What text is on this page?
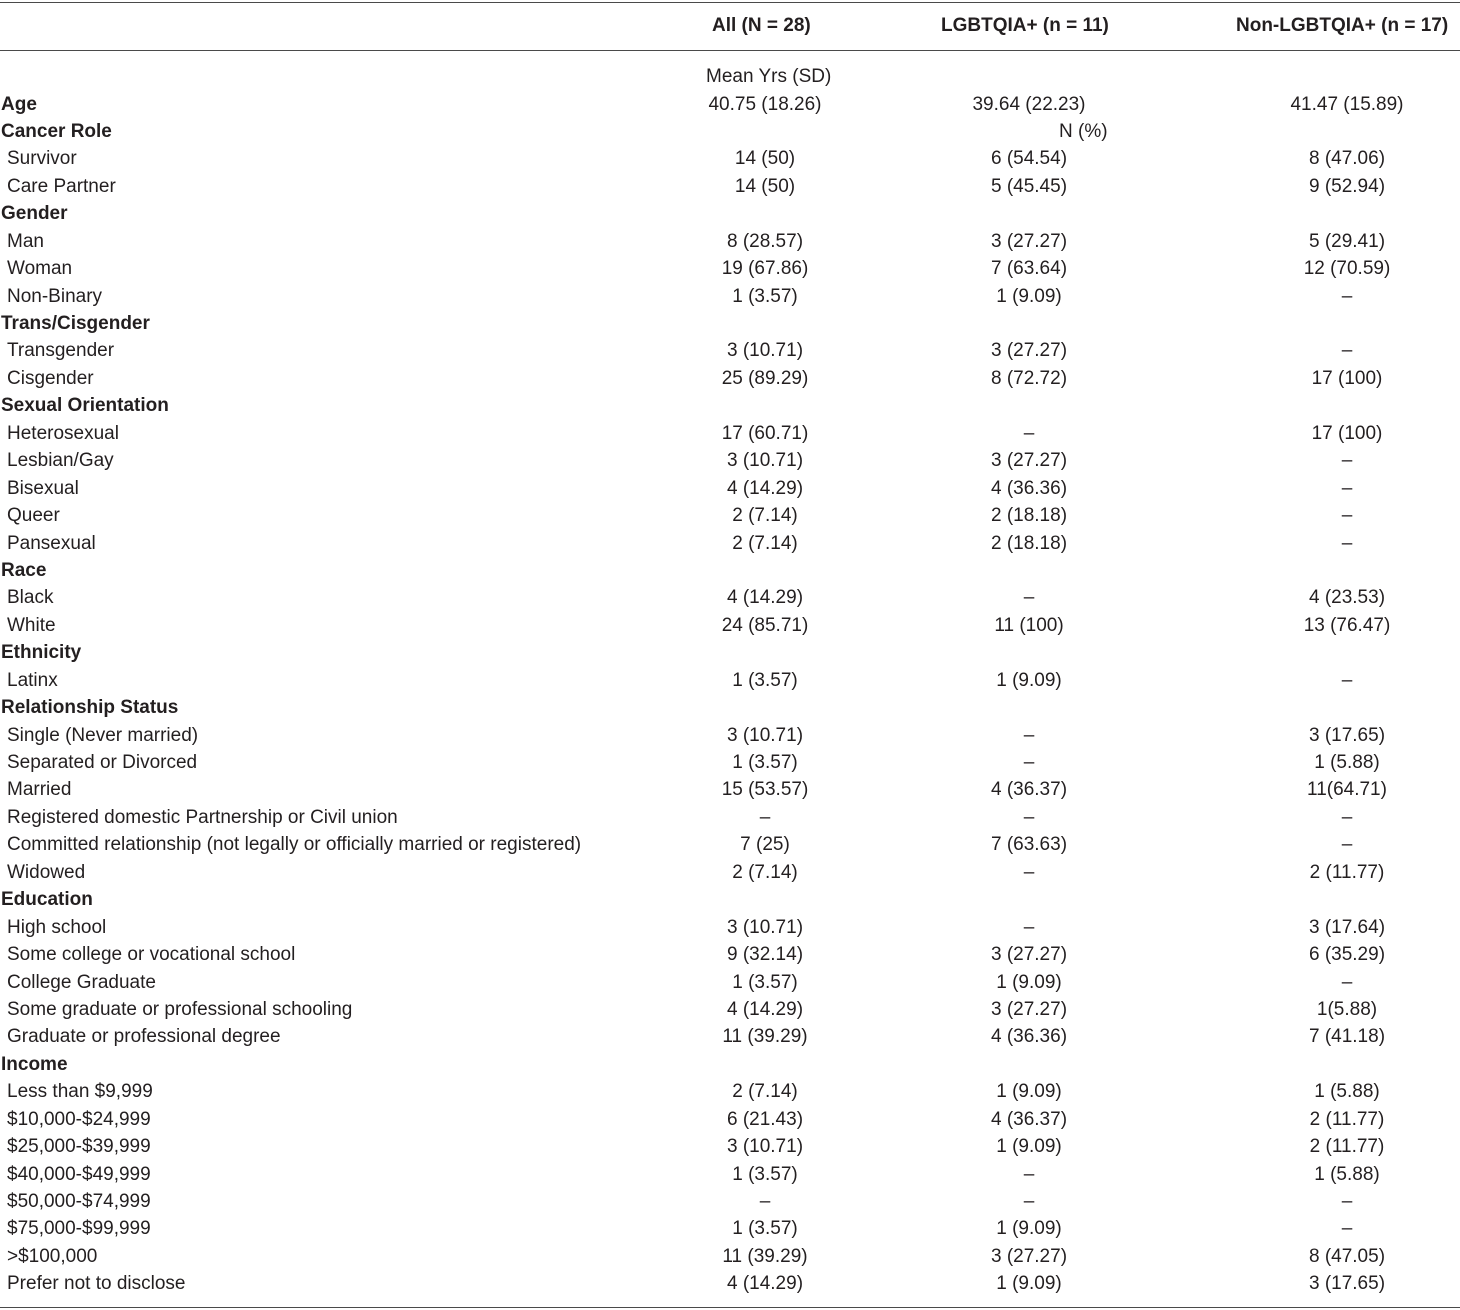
All (N = 28)	LGBTQIA+ (n = 11)	Non-LGBTQIA+ (n = 17)
Mean Yrs (SD)
N (%)
Age	40.75 (18.26)	39.64 (22.23)	41.47 (15.89)
Cancer Role
Survivor	14 (50)	6 (54.54)	8 (47.06)
Care Partner	14 (50)	5 (45.45)	9 (52.94)
Gender
Man	8 (28.57)	3 (27.27)	5 (29.41)
Woman	19 (67.86)	7 (63.64)	12 (70.59)
Non-Binary	1 (3.57)	1 (9.09)	–
Trans/Cisgender
Transgender	3 (10.71)	3 (27.27)	–
Cisgender	25 (89.29)	8 (72.72)	17 (100)
Sexual Orientation
Heterosexual	17 (60.71)	–	17 (100)
Lesbian/Gay	3 (10.71)	3 (27.27)	–
Bisexual	4 (14.29)	4 (36.36)	–
Queer	2 (7.14)	2 (18.18)	–
Pansexual	2 (7.14)	2 (18.18)	–
Race
Black	4 (14.29)	–	4 (23.53)
White	24 (85.71)	11 (100)	13 (76.47)
Ethnicity
Latinx	1 (3.57)	1 (9.09)	–
Relationship Status
Single (Never married)	3 (10.71)	–	3 (17.65)
Separated or Divorced	1 (3.57)	–	1 (5.88)
Married	15 (53.57)	4 (36.37)	11(64.71)
Registered domestic Partnership or Civil union	–	–	–
Committed relationship (not legally or officially married or registered)	7 (25)	7 (63.63)	–
Widowed	2 (7.14)	–	2 (11.77)
Education
High school	3 (10.71)	–	3 (17.64)
Some college or vocational school	9 (32.14)	3 (27.27)	6 (35.29)
College Graduate	1 (3.57)	1 (9.09)	–
Some graduate or professional schooling	4 (14.29)	3 (27.27)	1(5.88)
Graduate or professional degree	11 (39.29)	4 (36.36)	7 (41.18)
Income
Less than $9,999	2 (7.14)	1 (9.09)	1 (5.88)
$10,000-$24,999	6 (21.43)	4 (36.37)	2 (11.77)
$25,000-$39,999	3 (10.71)	1 (9.09)	2 (11.77)
$40,000-$49,999	1 (3.57)	–	1 (5.88)
$50,000-$74,999	–	–	–
$75,000-$99,999	1 (3.57)	1 (9.09)	–
>$100,000	11 (39.29)	3 (27.27)	8 (47.05)
Prefer not to disclose	4 (14.29)	1 (9.09)	3 (17.65)
